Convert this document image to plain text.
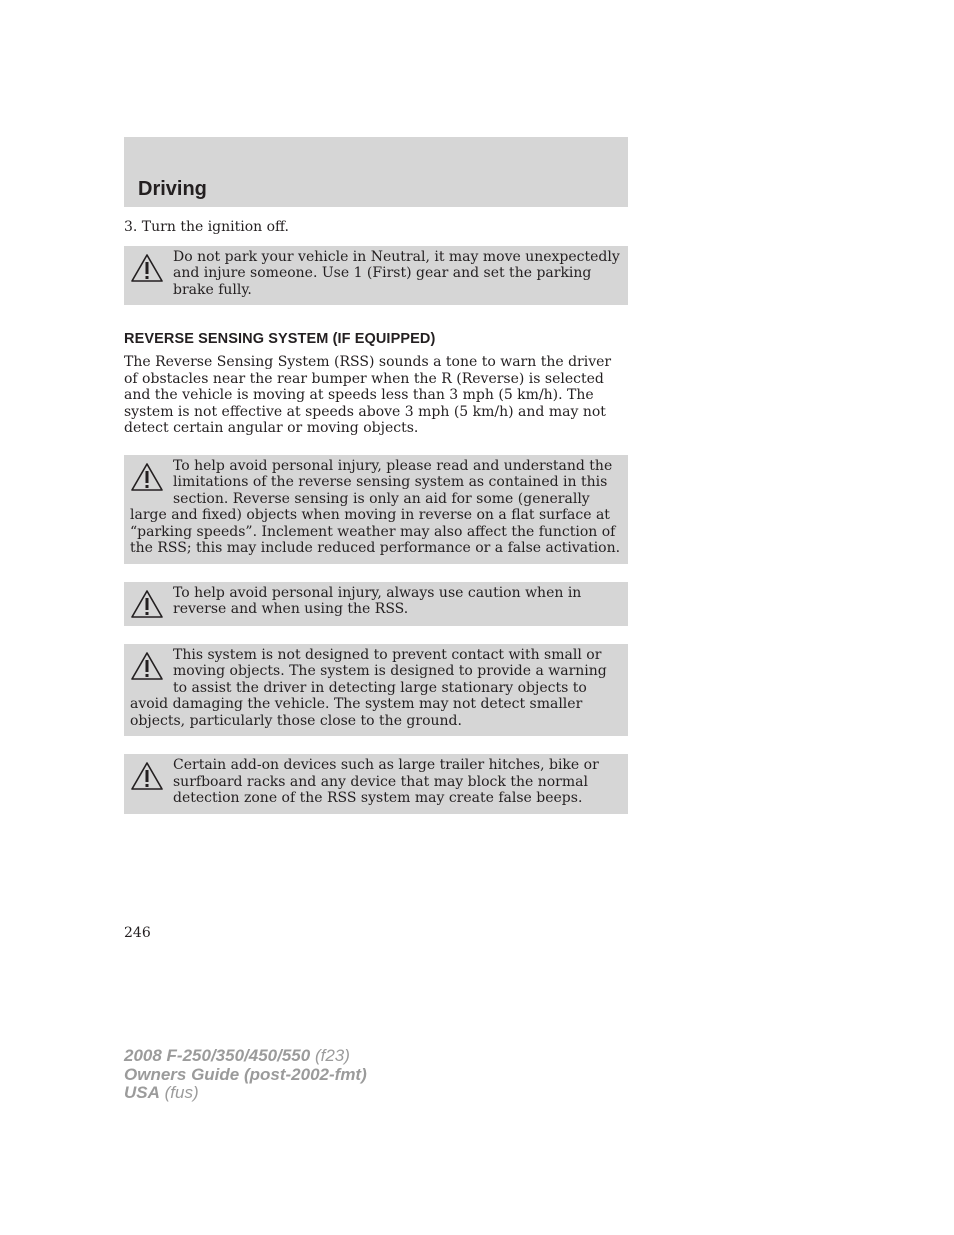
Driving

3. Turn the ignition off.

Do not park your vehicle in Neutral, it may move unexpectedly and injure someone. Use 1 (First) gear and set the parking brake fully.
REVERSE SENSING SYSTEM (IF EQUIPPED)

The Reverse Sensing System (RSS) sounds a tone to warn the driver of obstacles near the rear bumper when the R (Reverse) is selected and the vehicle is moving at speeds less than 3 mph (5 km/h). The system is not effective at speeds above 3 mph (5 km/h) and may not detect certain angular or moving objects.

To help avoid personal injury, please read and understand the limitations of the reverse sensing system as contained in this section. Reverse sensing is only an aid for some (generally large and fixed) objects when moving in reverse on a flat surface at “parking speeds”. Inclement weather may also affect the function of the RSS; this may include reduced performance or a false activation.
To help avoid personal injury, always use caution when in reverse and when using the RSS.
This system is not designed to prevent contact with small or moving objects. The system is designed to provide a warning to assist the driver in detecting large stationary objects to avoid damaging the vehicle. The system may not detect smaller objects, particularly those close to the ground.
Certain add-on devices such as large trailer hitches, bike or surfboard racks and any device that may block the normal detection zone of the RSS system may create false beeps.
246
2008 F-250/350/450/550 (f23)
Owners Guide (post-2002-fmt)
USA (fus)
